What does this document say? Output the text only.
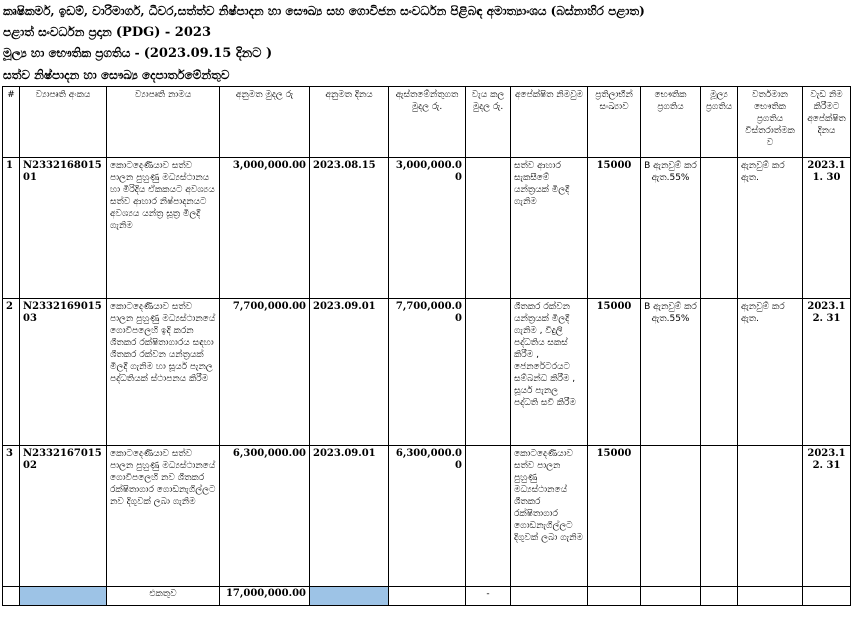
කෘෂිකර්ම, ඉඩම්, වාරිමාර්ග, ධීවර,සත්ත්ව නිෂ්පාදන හා සෞඛ්‍ය සහ ගොවිජන සංවර්ධන පිළිබඳ අමාත්‍යාංශය (බස්නාහිර පළාත)
පළාත් සංවර්ධන ප්‍රදාන (PDG) - 2023
මූල්‍ය හා භෞතික ප්‍රගතිය - (2023.09.15 දිනට )
සත්ව නිෂ්පාදන හා සෞඛ්‍ය දෙපාර්තමේන්තුව
#	ව්‍යාපෘති අංකය	ව්‍යාපෘති නාමය	අනුමත මුදල රු	අනුමත දිනය	ඇස්තමේන්තුගත මුදල රු.	වැය කල මුදල රු.	අපේක්ෂිත නිමවුම	ප්‍රතිලාභීන් සංඛ්‍යාව	භෞතික ප්‍රගතිය	මූල්‍ය ප්‍රගතිය	වර්තමාන භෞතික ප්‍රගතිය විස්තරාත්මක ව	වැඩ නිම කිරීමට අපේක්ෂිත දිනය
1	N233216801501	කොටදෙණියාව සත්ව පාලන පුහුණු මධ්‍යස්ථානය හා මිරිදිය ඒකකයට අවශ්‍යය සත්ව ආහාර නිෂ්පාදනයට අවශ්‍යය යන්ත්‍ර සූත්‍ර මිලදී ගැනිම	3,000,000.00	2023.08.15	3,000,000.00		සත්ව ආහාර සැකසීමේ යන්ත්‍රයක් මිලදී ගැනිම	15000	B ඇනවුම් කර ඇත.55%		ඇනවුම් කර ඇත.	2023.11. 30
2	N233216901503	කොටදෙණියාව සත්ව පාලන පුහුණු මධ්‍යස්ථානයේ ගොවිපලෙහි ඉදි කරන ශීතකර රක්ෂිතාගාරය සඳහා ශීතකර රක්වන යන්ත්‍රයක් මිලදී ගැනිම හා සූර්ය පැනල පද්ධතියක් ස්ථාපනය කිරීම	7,700,000.00	2023.09.01	7,700,000.00		ශීතකර රක්වන යන්ත්‍රයක් මිලදී ගැනිම , විදුලි පද්ධතිය සකස් කිරීම , ජෙනරේටරයට සම්බන්ධ කිරීම , සූර්ය පැනල පද්ධති සවි කිරීම	15000	B ඇනවුම් කර ඇත.55%		ඇනවුම් කර ඇත.	2023.12. 31
3	N233216701502	කොටදෙණියාව සත්ව පාලන පුහුණු මධ්‍යස්ථානයේ ගොවිපලෙහි නව ශීතකර රක්ෂිතාගාර ගොඩනැගිල්ලට නව දිගුවක් ලබා ගැනිම	6,300,000.00	2023.09.01	6,300,000.00		කොටදෙණියාව සත්ව පාලන පුහුණු මධ්‍යස්ථානයේ ශීතකර රක්ෂිතාගාර ගොඩනැගිල්ලට දිගුවක් ලබා ගැනිම	15000				2023.12. 31
		එකතුව	17,000,000.00			-						
